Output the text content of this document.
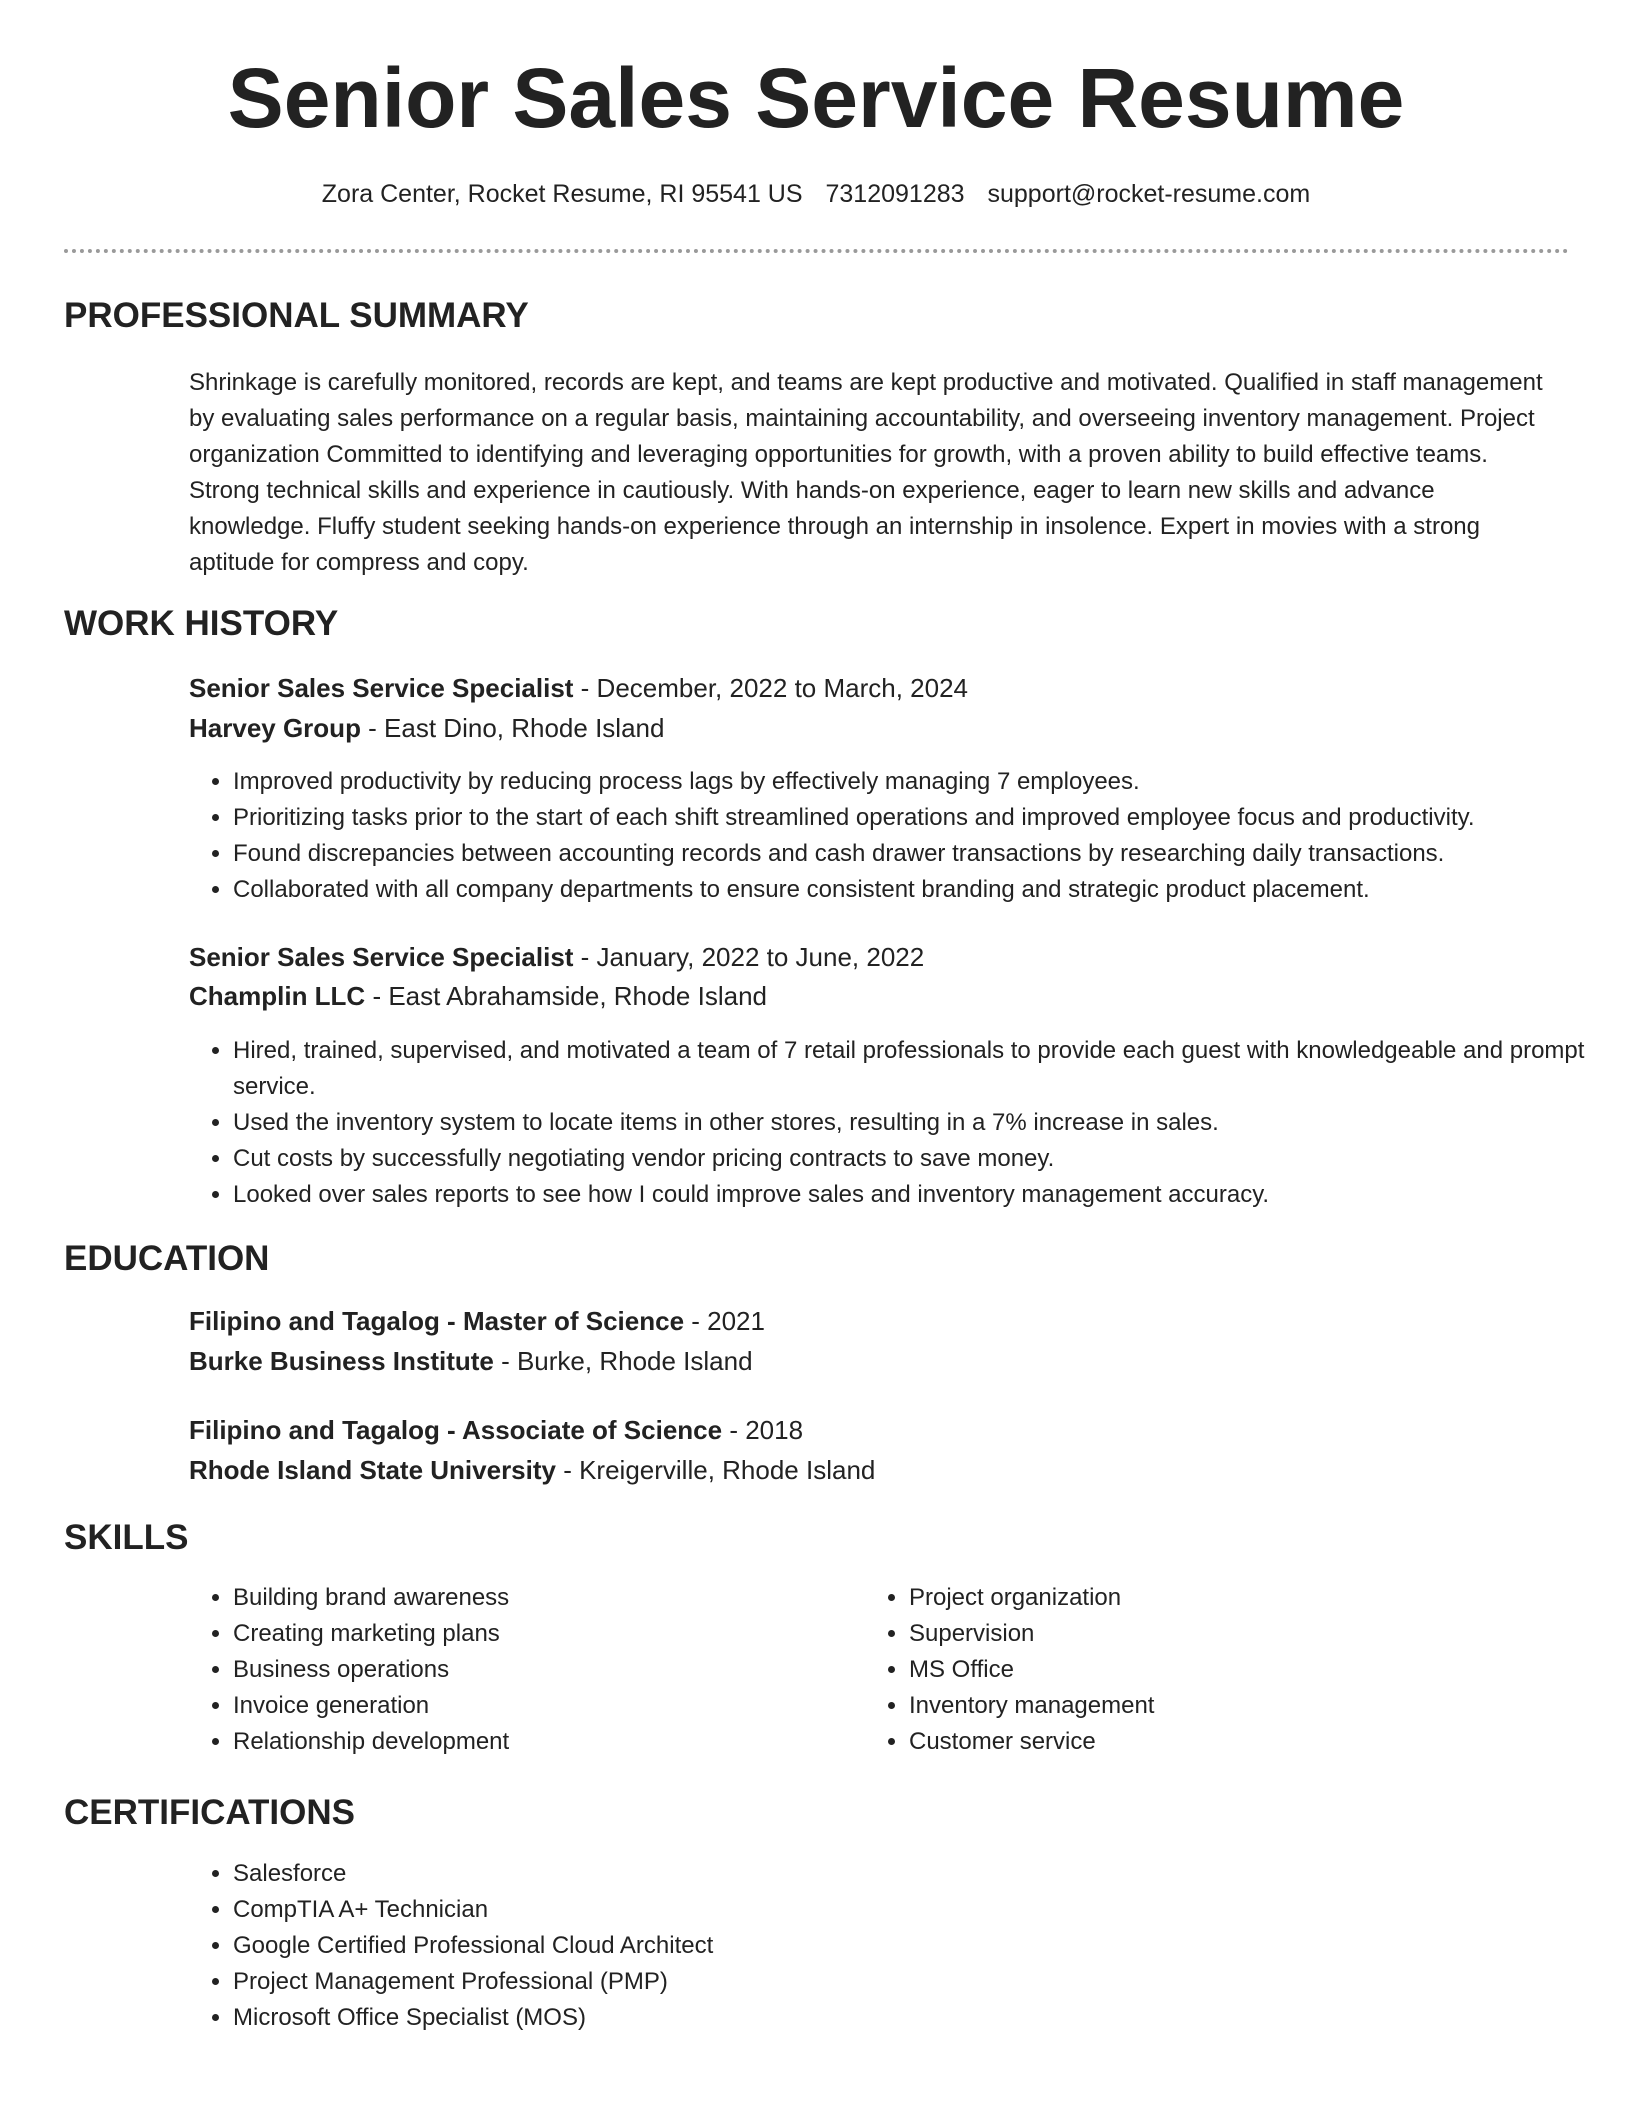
Senior Sales Service Resume
Zora Center, Rocket Resume, RI 95541 US 7312091283 support@rocket-resume.com
PROFESSIONAL SUMMARY
Shrinkage is carefully monitored, records are kept, and teams are kept productive and motivated. Qualified in staff management by evaluating sales performance on a regular basis, maintaining accountability, and overseeing inventory management. Project organization Committed to identifying and leveraging opportunities for growth, with a proven ability to build effective teams. Strong technical skills and experience in cautiously. With hands-on experience, eager to learn new skills and advance knowledge. Fluffy student seeking hands-on experience through an internship in insolence. Expert in movies with a strong aptitude for compress and copy.
WORK HISTORY
Senior Sales Service Specialist - December, 2022 to March, 2024
Harvey Group - East Dino, Rhode Island
• Improved productivity by reducing process lags by effectively managing 7 employees.
• Prioritizing tasks prior to the start of each shift streamlined operations and improved employee focus and productivity.
• Found discrepancies between accounting records and cash drawer transactions by researching daily transactions.
• Collaborated with all company departments to ensure consistent branding and strategic product placement.
Senior Sales Service Specialist - January, 2022 to June, 2022
Champlin LLC - East Abrahamside, Rhode Island
• Hired, trained, supervised, and motivated a team of 7 retail professionals to provide each guest with knowledgeable and prompt service.
• Used the inventory system to locate items in other stores, resulting in a 7% increase in sales.
• Cut costs by successfully negotiating vendor pricing contracts to save money.
• Looked over sales reports to see how I could improve sales and inventory management accuracy.
EDUCATION
Filipino and Tagalog - Master of Science - 2021
Burke Business Institute - Burke, Rhode Island
Filipino and Tagalog - Associate of Science - 2018
Rhode Island State University - Kreigerville, Rhode Island
SKILLS
• Building brand awareness
• Creating marketing plans
• Business operations
• Invoice generation
• Relationship development
• Project organization
• Supervision
• MS Office
• Inventory management
• Customer service
CERTIFICATIONS
• Salesforce
• CompTIA A+ Technician
• Google Certified Professional Cloud Architect
• Project Management Professional (PMP)
• Microsoft Office Specialist (MOS)
